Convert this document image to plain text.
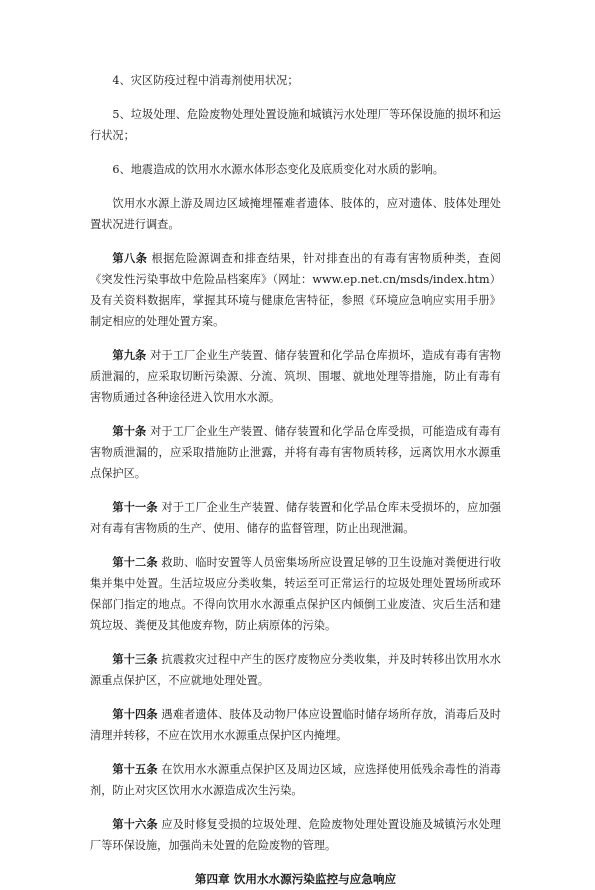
4、灾区防疫过程中消毒剂使用状况；

5、垃圾处理、危险废物处理处置设施和城镇污水处理厂等环保设施的损坏和运行状况；

6、地震造成的饮用水水源水体形态变化及底质变化对水质的影响。

饮用水水源上游及周边区域掩埋罹难者遗体、肢体的，应对遗体、肢体处理处置状况进行调查。

第八条 根据危险源调查和排查结果，针对排查出的有毒有害物质种类，查阅《突发性污染事故中危险品档案库》（网址：www.ep.net.cn/msds/index.htm）及有关资料数据库，掌握其环境与健康危害特征，参照《环境应急响应实用手册》制定相应的处理处置方案。

第九条 对于工厂企业生产装置、储存装置和化学品仓库损坏，造成有毒有害物质泄漏的，应采取切断污染源、分流、筑坝、围堰、就地处理等措施，防止有毒有害物质通过各种途径进入饮用水水源。

第十条 对于工厂企业生产装置、储存装置和化学品仓库受损，可能造成有毒有害物质泄漏的，应采取措施防止泄露，并将有毒有害物质转移，远离饮用水水源重点保护区。

第十一条 对于工厂企业生产装置、储存装置和化学品仓库未受损坏的，应加强对有毒有害物质的生产、使用、储存的监督管理，防止出现泄漏。

第十二条 救助、临时安置等人员密集场所应设置足够的卫生设施对粪便进行收集并集中处置。生活垃圾应分类收集，转运至可正常运行的垃圾处理处置场所或环保部门指定的地点。不得向饮用水水源重点保护区内倾倒工业废渣、灾后生活和建筑垃圾、粪便及其他废弃物，防止病原体的污染。

第十三条 抗震救灾过程中产生的医疗废物应分类收集，并及时转移出饮用水水源重点保护区，不应就地处理处置。

第十四条 遇难者遗体、肢体及动物尸体应设置临时储存场所存放，消毒后及时清理并转移，不应在饮用水水源重点保护区内掩埋。

第十五条 在饮用水水源重点保护区及周边区域，应选择使用低残余毒性的消毒剂，防止对灾区饮用水水源造成次生污染。

第十六条 应及时修复受损的垃圾处理、危险废物处理处置设施及城镇污水处理厂等环保设施，加强尚未处置的危险废物的管理。

第四章 饮用水水源污染监控与应急响应
